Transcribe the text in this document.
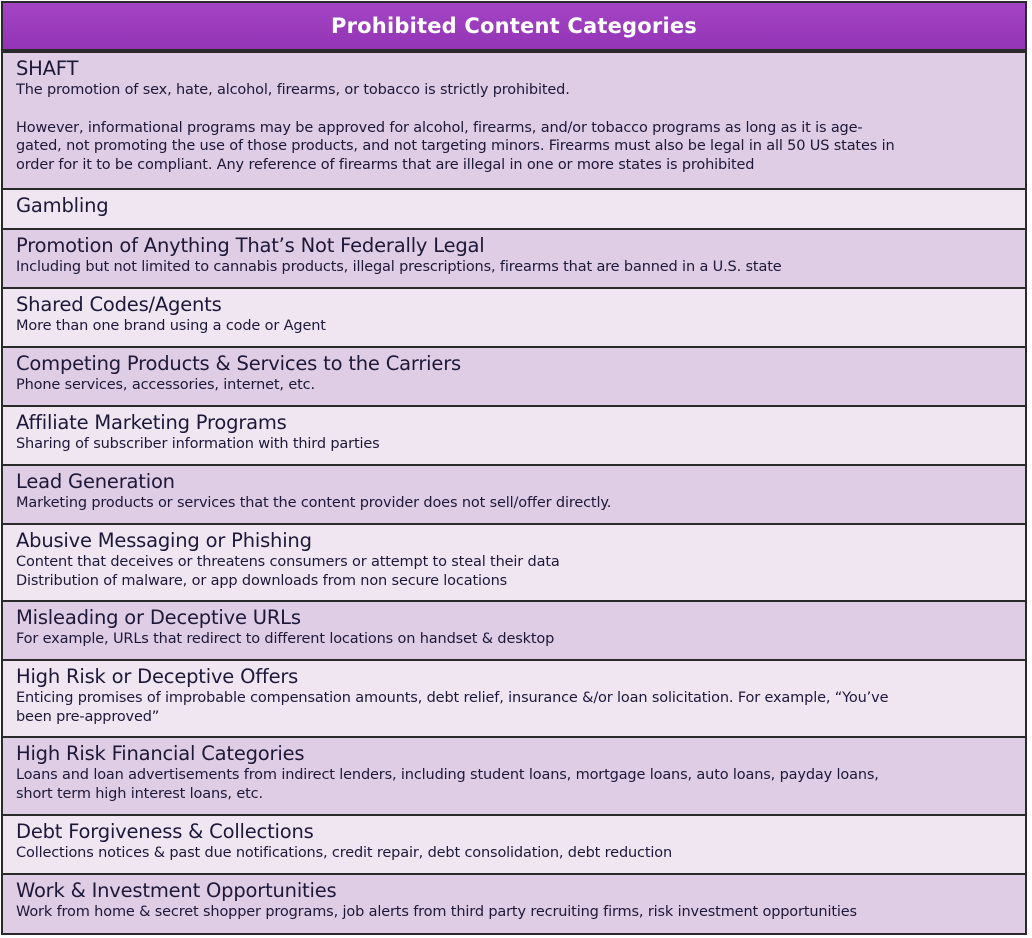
Prohibited Content Categories
SHAFT
The promotion of sex, hate, alcohol, firearms, or tobacco is strictly prohibited.
However, informational programs may be approved for alcohol, firearms, and/or tobacco programs as long as it is age-
gated, not promoting the use of those products, and not targeting minors. Firearms must also be legal in all 50 US states in
order for it to be compliant. Any reference of firearms that are illegal in one or more states is prohibited
Gambling
Promotion of Anything That’s Not Federally Legal
Including but not limited to cannabis products, illegal prescriptions, firearms that are banned in a U.S. state
Shared Codes/Agents
More than one brand using a code or Agent
Competing Products & Services to the Carriers
Phone services, accessories, internet, etc.
Affiliate Marketing Programs
Sharing of subscriber information with third parties
Lead Generation
Marketing products or services that the content provider does not sell/offer directly.
Abusive Messaging or Phishing
Content that deceives or threatens consumers or attempt to steal their data
Distribution of malware, or app downloads from non secure locations
Misleading or Deceptive URLs
For example, URLs that redirect to different locations on handset & desktop
High Risk or Deceptive Offers
Enticing promises of improbable compensation amounts, debt relief, insurance &/or loan solicitation. For example, “You’ve
been pre-approved”
High Risk Financial Categories
Loans and loan advertisements from indirect lenders, including student loans, mortgage loans, auto loans, payday loans,
short term high interest loans, etc.
Debt Forgiveness & Collections
Collections notices & past due notifications, credit repair, debt consolidation, debt reduction
Work & Investment Opportunities
Work from home & secret shopper programs, job alerts from third party recruiting firms, risk investment opportunities
